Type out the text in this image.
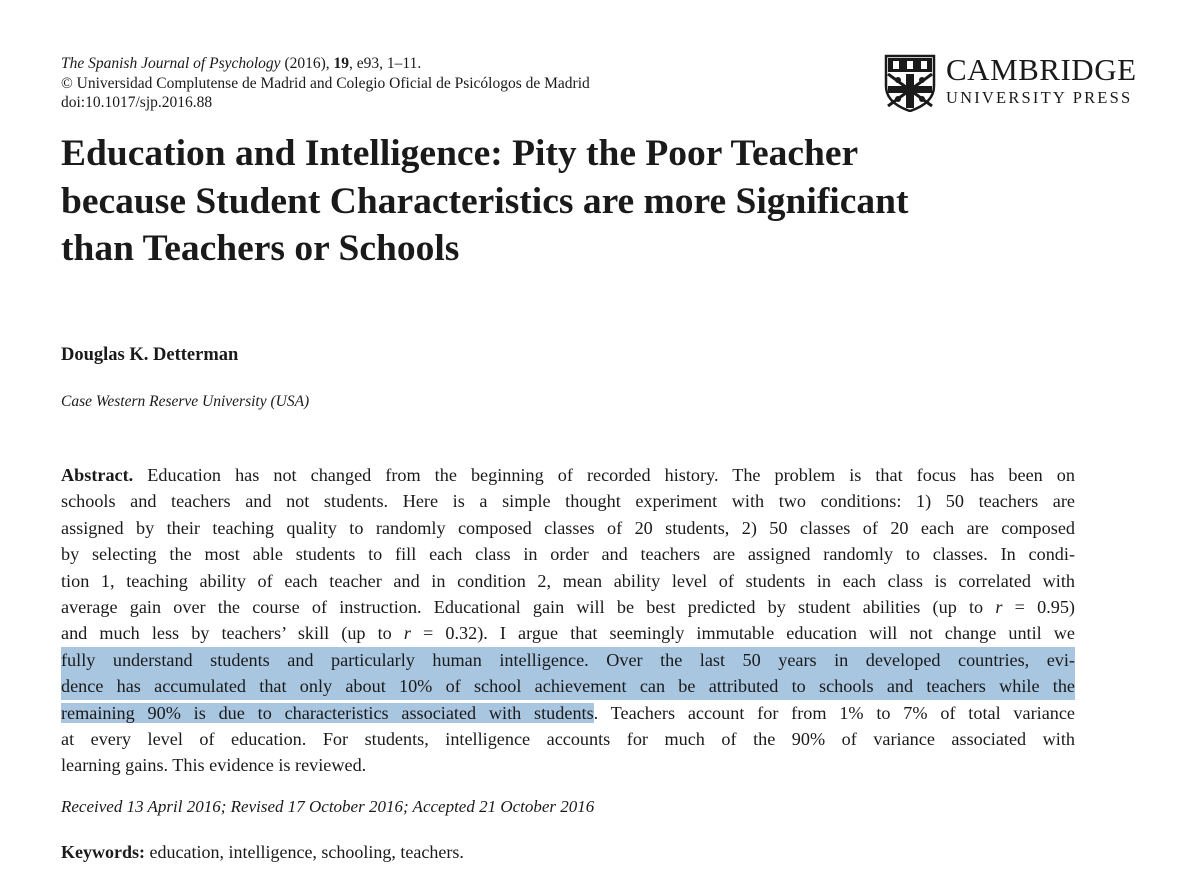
The Spanish Journal of Psychology (2016), 19, e93, 1–11.
© Universidad Complutense de Madrid and Colegio Oficial de Psicólogos de Madrid
doi:10.1017/sjp.2016.88
CAMBRIDGE
UNIVERSITY PRESS
Education and Intelligence: Pity the Poor Teacher
because Student Characteristics are more Significant
than Teachers or Schools

Douglas K. Detterman

Case Western Reserve University (USA)

Abstract. Education has not changed from the beginning of recorded history. The problem is that focus has been on
schools and teachers and not students. Here is a simple thought experiment with two conditions: 1) 50 teachers are
assigned by their teaching quality to randomly composed classes of 20 students, 2) 50 classes of 20 each are composed
by selecting the most able students to fill each class in order and teachers are assigned randomly to classes. In condi-
tion 1, teaching ability of each teacher and in condition 2, mean ability level of students in each class is correlated with
average gain over the course of instruction. Educational gain will be best predicted by student abilities (up to r = 0.95)
and much less by teachers’ skill (up to r = 0.32). I argue that seemingly immutable education will not change until we
fully understand students and particularly human intelligence. Over the last 50 years in developed countries, evi-
dence has accumulated that only about 10% of school achievement can be attributed to schools and teachers while the
remaining 90% is due to characteristics associated with students. Teachers account for from 1% to 7% of total variance
at every level of education. For students, intelligence accounts for much of the 90% of variance associated with
learning gains. This evidence is reviewed.

Received 13 April 2016; Revised 17 October 2016; Accepted 21 October 2016

Keywords: education, intelligence, schooling, teachers.
